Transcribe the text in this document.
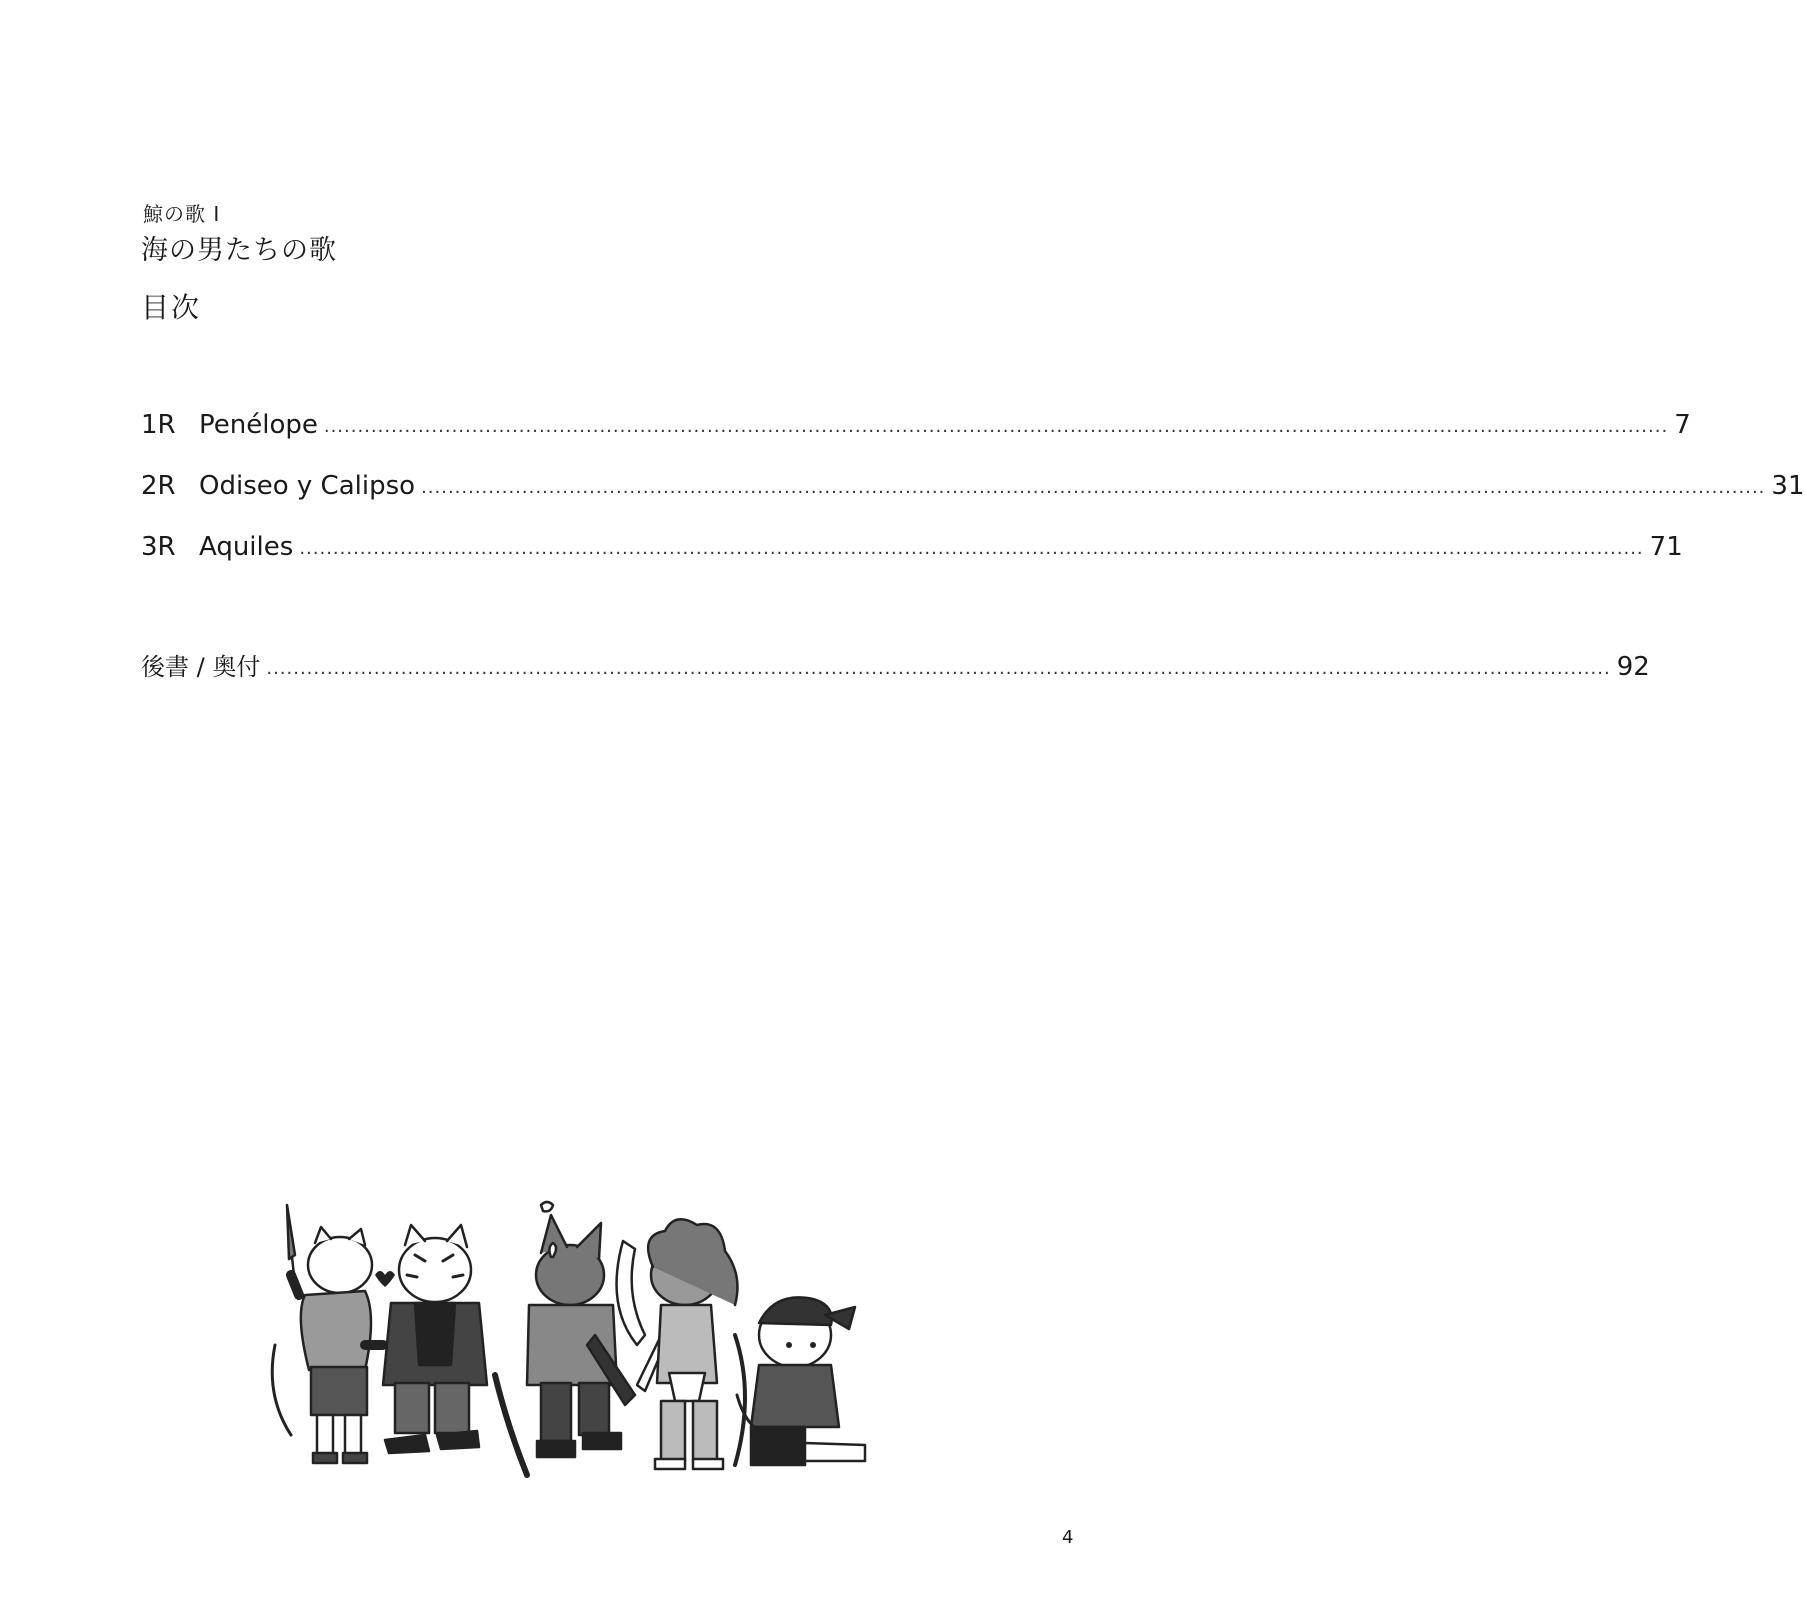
鯨の歌 I
海の男たちの歌
目次
1R Penélope ........................................................................................................................................................................................................ 7
2R Odiseo y Calipso ........................................................................................................................................................................................................ 31
3R Aquiles ........................................................................................................................................................................................................ 71
後書 / 奥付 ........................................................................................................................................................................................................ 92
4
